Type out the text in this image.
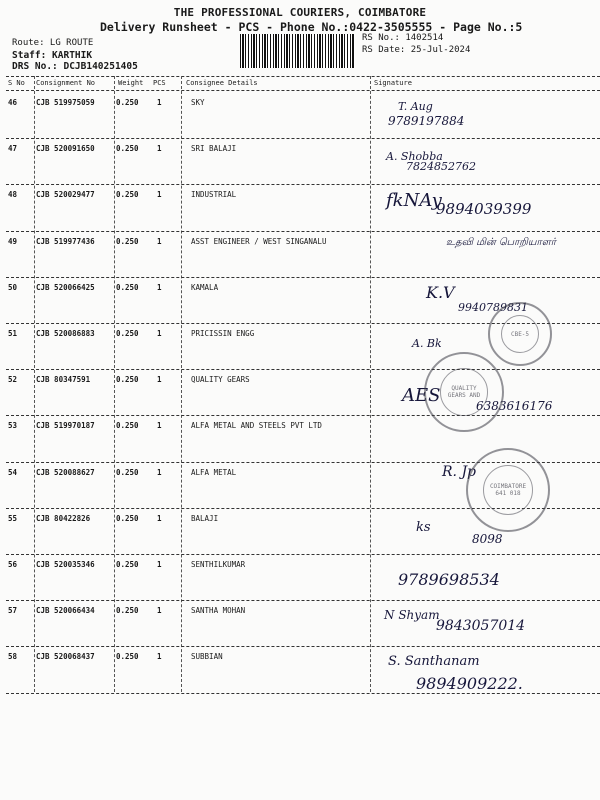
THE PROFESSIONAL COURIERS, COIMBATORE
Delivery Runsheet - PCS - Phone No.:0422-3505555 - Page No.:5
Route: LG ROUTE
Staff: KARTHIK
DRS No.: DCJB140251405
RS No.: 1402514
RS Date: 25-Jul-2024
S No Consignment No	Weight PCS	Consignee Details	Signature
46	CJB 519975059	0.250 1	SKY	T. Aug
9789197884
47	CJB 520091650	0.250 1	SRI BALAJI
A. Shobba
7824852762
48	CJB 520029477	0.250 1	INDUSTRIAL	fkNAy
9894039399
49	CJB 519977436	0.250 1	ASST ENGINEER / WEST SINGANALU	உதவி மின் பொறியாளர்
50	CJB 520066425	0.250 1	KAMALA	K.V
9940789831
51	CJB 520086883	0.250 1	PRICISSIN ENGG
A. Bk
52	CJB 80347591	0.250 1	QUALITY GEARS
AES	6383616176
53	CJB 519970187	0.250 1	ALFA METAL AND STEELS PVT LTD
54	CJB 520088627	0.250 1	ALFA METAL	R. Jp
55	CJB 80422826	0.250 1	BALAJI
ks
8098
56	CJB 520035346	0.250 1	SENTHILKUMAR
9789698534
57	CJB 520066434	0.250 1	SANTHA MOHAN	N Shyam
9843057014
58	CJB 520068437	0.250 1	SUBBIAN	S. Santhanam
9894909222.
CBE-5
QUALITY GEARS AND
COIMBATORE 641 018
